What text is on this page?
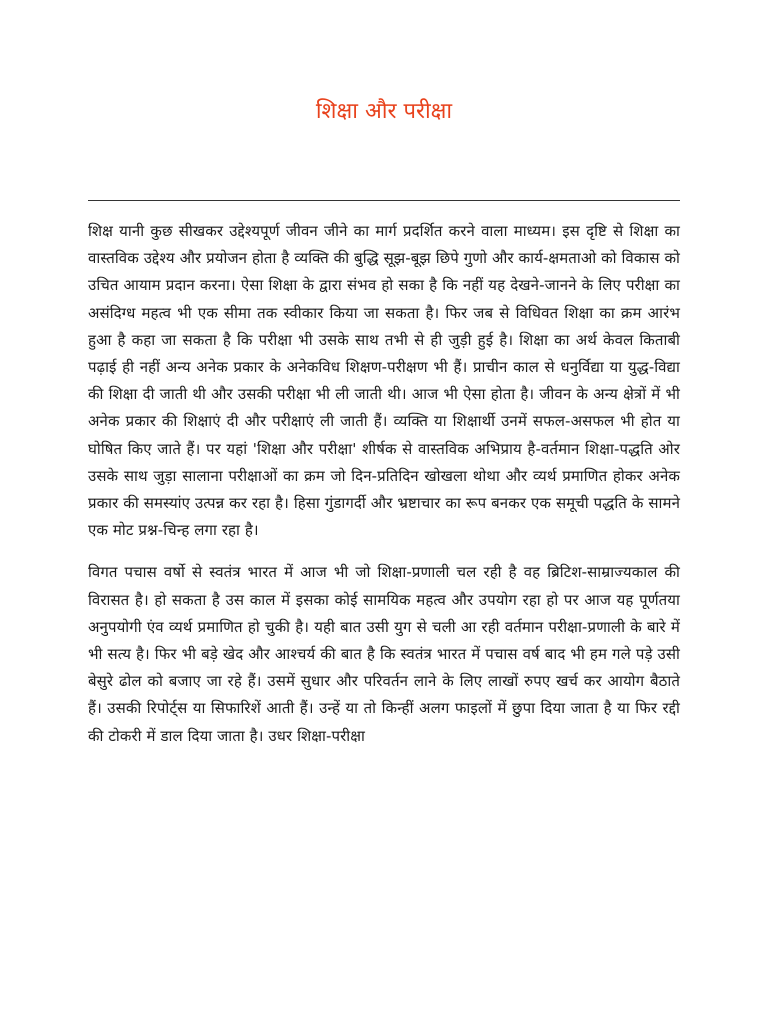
शिक्षा और परीक्षा

शिक्ष यानी कुछ सीखकर उद्देश्यपूर्ण जीवन जीने का मार्ग प्रदर्शित करने वाला माध्यम। इस दृष्टि से शिक्षा का वास्तविक उद्देश्य और प्रयोजन होता है व्यक्ति की बुद्धि सूझ-बूझ छिपे गुणो और कार्य-क्षमताओ को विकास को उचित आयाम प्रदान करना। ऐसा शिक्षा के द्वारा संभव हो सका है कि नहीं यह देखने-जानने के लिए परीक्षा का असंदिग्ध महत्व भी एक सीमा तक स्वीकार किया जा सकता है। फिर जब से विधिवत शिक्षा का क्रम आरंभ हुआ है कहा जा सकता है कि परीक्षा भी उसके साथ तभी से ही जुड़ी हुई है। शिक्षा का अर्थ केवल किताबी पढ़ाई ही नहीं अन्य अनेक प्रकार के अनेकविध शिक्षण-परीक्षण भी हैं। प्राचीन काल से धनुर्विद्या या युद्ध-विद्या की शिक्षा दी जाती थी और उसकी परीक्षा भी ली जाती थी। आज भी ऐसा होता है। जीवन के अन्य क्षेत्रों में भी अनेक प्रकार की शिक्षाएं दी और परीक्षाएं ली जाती हैं। व्यक्ति या शिक्षार्थी उनमें सफल-असफल भी होत या घोषित किए जाते हैं। पर यहां 'शिक्षा और परीक्षा' शीर्षक से वास्तविक अभिप्राय है-वर्तमान शिक्षा-पद्धति ओर उसके साथ जुड़ा सालाना परीक्षाओं का क्रम जो दिन-प्रतिदिन खोखला थोथा और व्यर्थ प्रमाणित होकर अनेक प्रकार की समस्यांए उत्पन्न कर रहा है। हिसा गुंडागर्दी और भ्रष्टाचार का रूप बनकर एक समूची पद्धति के सामने एक मोट प्रश्न-चिन्ह लगा रहा है।

विगत पचास वर्षो से स्वतंत्र भारत में आज भी जो शिक्षा-प्रणाली चल रही है वह ब्रिटिश-साम्राज्यकाल की विरासत है। हो सकता है उस काल में इसका कोई सामयिक महत्व और उपयोग रहा हो पर आज यह पूर्णतया अनुपयोगी एंव व्यर्थ प्रमाणित हो चुकी है। यही बात उसी युग से चली आ रही वर्तमान परीक्षा-प्रणाली के बारे में भी सत्य है। फिर भी बड़े खेद और आश्चर्य की बात है कि स्वतंत्र भारत में पचास वर्ष बाद भी हम गले पड़े उसी बेसुरे ढोल को बजाए जा रहे हैं। उसमें सुधार और परिवर्तन लाने के लिए लाखों रुपए खर्च कर आयोग बैठाते हैं। उसकी रिपोर्ट्स या सिफारिशें आती हैं। उन्हें या तो किन्हीं अलग फाइलों में छुपा दिया जाता है या फिर रद्दी की टोकरी में डाल दिया जाता है। उधर शिक्षा-परीक्षा
